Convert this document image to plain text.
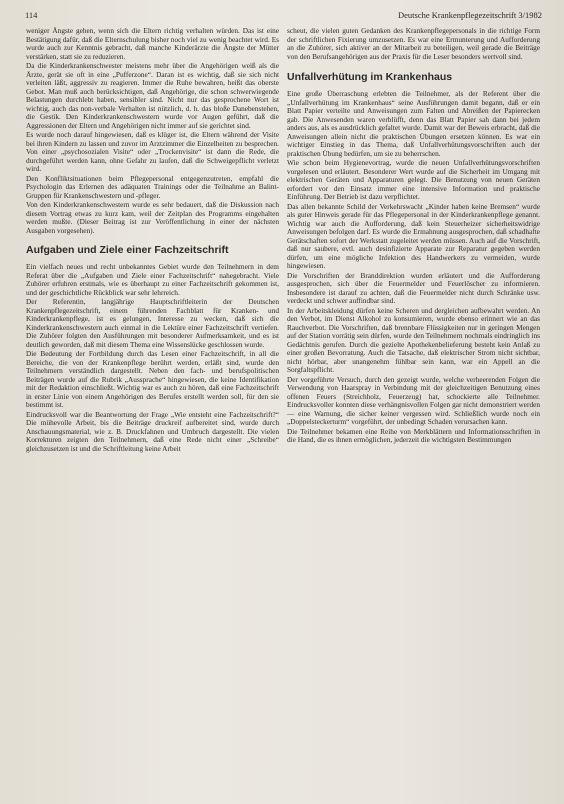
114	Deutsche Krankenpflegezeitschrift 3/1982

weniger Ängste gehen, wenn sich die Eltern richtig verhalten würden. Das ist eine Bestätigung dafür, daß die Elternschulung bisher noch viel zu wenig beachtet wird. Es wurde auch zur Kenntnis gebracht, daß manche Kinderärzte die Ängste der Mütter verstärken, statt sie zu reduzieren.

Da die Kinderkrankenschwester meistens mehr über die Angehörigen weiß als die Ärzte, gerät sie oft in eine „Pufferzone“. Daran ist es wichtig, daß sie sich nicht verleiten läßt, aggressiv zu reagieren. Immer die Ruhe bewahren, heißt das oberste Gebot. Man muß auch berücksichtigen, daß Angehörige, die schon schwerwiegende Belastungen durchlebt haben, sensibler sind. Nicht nur das gesprochene Wort ist wichtig, auch das non-verbale Verhalten ist nützlich, d. h. das bloße Danebenstehen, die Gestik. Den Kinderkrankenschwestern wurde vor Augen geführt, daß die Aggressionen der Eltern und Angehörigen nicht immer auf sie gerichtet sind.

Es wurde noch darauf hingewiesen, daß es klüger ist, die Eltern während der Visite bei ihren Kindern zu lassen und zuvor im Arztzimmer die Einzelheiten zu besprechen. Von einer „psychosozialen Visite“ oder „Trockenvisite“ ist dann die Rede, die durchgeführt werden kann, ohne Gefahr zu laufen, daß die Schweigepflicht verletzt wird.

Den Konfliktsituationen beim Pflegepersonal entgegenzutreten, empfahl die Psychologin das Erlernen des adäquaten Trainings oder die Teilnahme an Balint-Gruppen für Krankenschwestern und -pfleger.

Von den Kinderkrankenschwestern wurde es sehr bedauert, daß die Diskussion nach diesem Vortrag etwas zu kurz kam, weil der Zeitplan des Programms eingehalten werden mußte. (Dieser Beitrag ist zur Veröffentlichung in einer der nächsten Ausgaben vorgesehen).

Aufgaben und Ziele einer Fachzeitschrift

Ein vielfach neues und recht unbekanntes Gebiet wurde den Teilnehmern in dem Referat über die „Aufgaben und Ziele einer Fachzeitschrift“ nahegebracht. Viele Zuhörer erfuhren erstmals, wie es überhaupt zu einer Fachzeitschrift gekommen ist, und der geschichtliche Rückblick war sehr lehrreich.

Der Referentin, langjährige Hauptschriftleiterin der Deutschen Krankenpflegezeitschrift, einem führenden Fachblatt für Kranken- und Kinderkrankenpflege, ist es gelungen, Interesse zu wecken, daß sich die Kinderkrankenschwestern auch einmal in die Lektüre einer Fachzeitschrift vertiefen. Die Zuhörer folgten den Ausführungen mit besonderer Aufmerksamkeit, und es ist deutlich geworden, daß mit diesem Thema eine Wissenslücke geschlossen wurde.

Die Bedeutung der Fortbildung durch das Lesen einer Fachzeitschrift, in all die Bereiche, die von der Krankenpflege berührt werden, erläßt sind, wurde den Teilnehmern verständlich dargestellt. Neben den fach- und berufspolitischen Beiträgen wurde auf die Rubrik „Aussprache“ hingewiesen, die keine Identifikation mit der Redaktion einschließt. Wichtig war es auch zu hören, daß eine Fachzeitschrift in erster Linie von einem Angehörigen des Berufes erstellt werden soll, für den sie bestimmt ist.

Eindrucksvoll war die Beantwortung der Frage „Wie entsteht eine Fachzeitschrift?“ Die mühevolle Arbeit, bis die Beiträge druckreif aufbereitet sind, wurde durch Anschauungsmaterial, wie z. B. Druckfahnen und Umbruch dargestellt. Die vielen Korrekturen zeigten den Teilnehmern, daß eine Rede nicht einer „Schreibe“ gleichzusetzen ist und die Schriftleitung keine Arbeit

scheut, die vielen guten Gedanken des Krankenpflegepersonals in die richtige Form der schriftlichen Fixierung umzusetzen. Es war eine Ermunterung und Aufforderung an die Zuhörer, sich aktiver an der Mitarbeit zu beteiligen, weil gerade die Beiträge von den Berufsangehörigen aus der Praxis für die Leser besonders wertvoll sind.

Unfallverhütung im Krankenhaus

Eine große Überraschung erlebten die Teilnehmer, als der Referent über die „Unfallverhütung im Krankenhaus“ seine Ausführungen damit begann, daß er ein Blatt Papier verteilte und Anweisungen zum Falten und Abreißen der Papierecken gab. Die Anwesenden waren verblüfft, denn das Blatt Papier sah dann bei jedem anders aus, als es ausdrücklich gefaltet wurde. Damit war der Beweis erbracht, daß die Anweisungen allein nicht die praktischen Übungen ersetzen können. Es war ein wichtiger Einstieg in das Thema, daß Unfallverhütungsvorschriften auch der praktischen Übung bedürfen, um sie zu beherrschen.

Wie schon beim Hygienevortrag, wurde die neuen Unfallverhütungsvorschriften vorgelesen und erläutert. Besonderer Wert wurde auf die Sicherheit im Umgang mit elektrischen Geräten und Apparaturen gelegt. Die Benutzung von neuen Geräten erfordert vor den Einsatz immer eine intensive Information und praktische Einführung. Der Betrieb ist dazu verpflichtet.

Das allen bekannte Schild der Verkehrswacht „Kinder haben keine Bremsen“ wurde als guter Hinweis gerade für das Pflegepersonal in der Kinderkrankenpflege genannt. Wichtig war auch die Aufforderung, daß kein Steuerheizer sicherheitswidrige Anweisungen befolgen darf. Es wurde die Ermahnung ausgesprochen, daß schadhafte Gerätschaften sofort der Werkstatt zugeleitet werden müssen. Auch auf die Vorschrift, daß nur saubere, evtl. auch desinfizierte Apparate zur Reparatur gegeben werden dürfen, um eine mögliche Infektion des Handwerkers zu vermeiden, wurde hingewiesen.

Die Vorschriften der Branddirektion wurden erläutert und die Aufforderung ausgesprochen, sich über die Feuermelder und Feuerlöscher zu informieren. Insbesondere ist darauf zu achten, daß die Feuermelder nicht durch Schränke usw. verdeckt und schwer auffindbar sind.

In der Arbeitskleidung dürfen keine Scheren und dergleichen aufbewahrt werden. An den Verbot, im Dienst Alkohol zu konsumieren, wurde ebenso erinnert wie an das Rauchverbot. Die Vorschriften, daß brennbare Flüssigkeiten nur in geringen Mengen auf der Station vorrätig sein dürfen, wurde den Teilnehmern nochmals eindringlich ins Gedächtnis gerufen. Durch die gezielte Apothekenbelieferung besteht kein Anlaß zu einer großen Bevorratung. Auch die Tatsache, daß elektrischer Strom nicht sichtbar, nicht hörbar, aber unangenehm fühlbar sein kann, war ein Appell an die Sorgfaltspflicht.

Der vorgeführte Versuch, durch den gezeigt wurde, welche verheerenden Folgen die Verwendung von Haarspray in Verbindung mit der gleichzeitigen Benutzung eines offenen Feuers (Streichholz, Feuerzeug) hat, schockierte alle Teilnehmer. Eindrucksvoller konnten diese verhängnisvollen Folgen gar nicht demonstriert werden — eine Warnung, die sicher keiner vergessen wird. Schließlich wurde noch ein „Doppelsteckerturm“ vorgeführt, der unbedingt Schaden verursachen kann.

Die Teilnehmer bekamen eine Reihe von Merkblättern und Informationsschriften in die Hand, die es ihnen ermöglichen, jederzeit die wichtigsten Bestimmungen
